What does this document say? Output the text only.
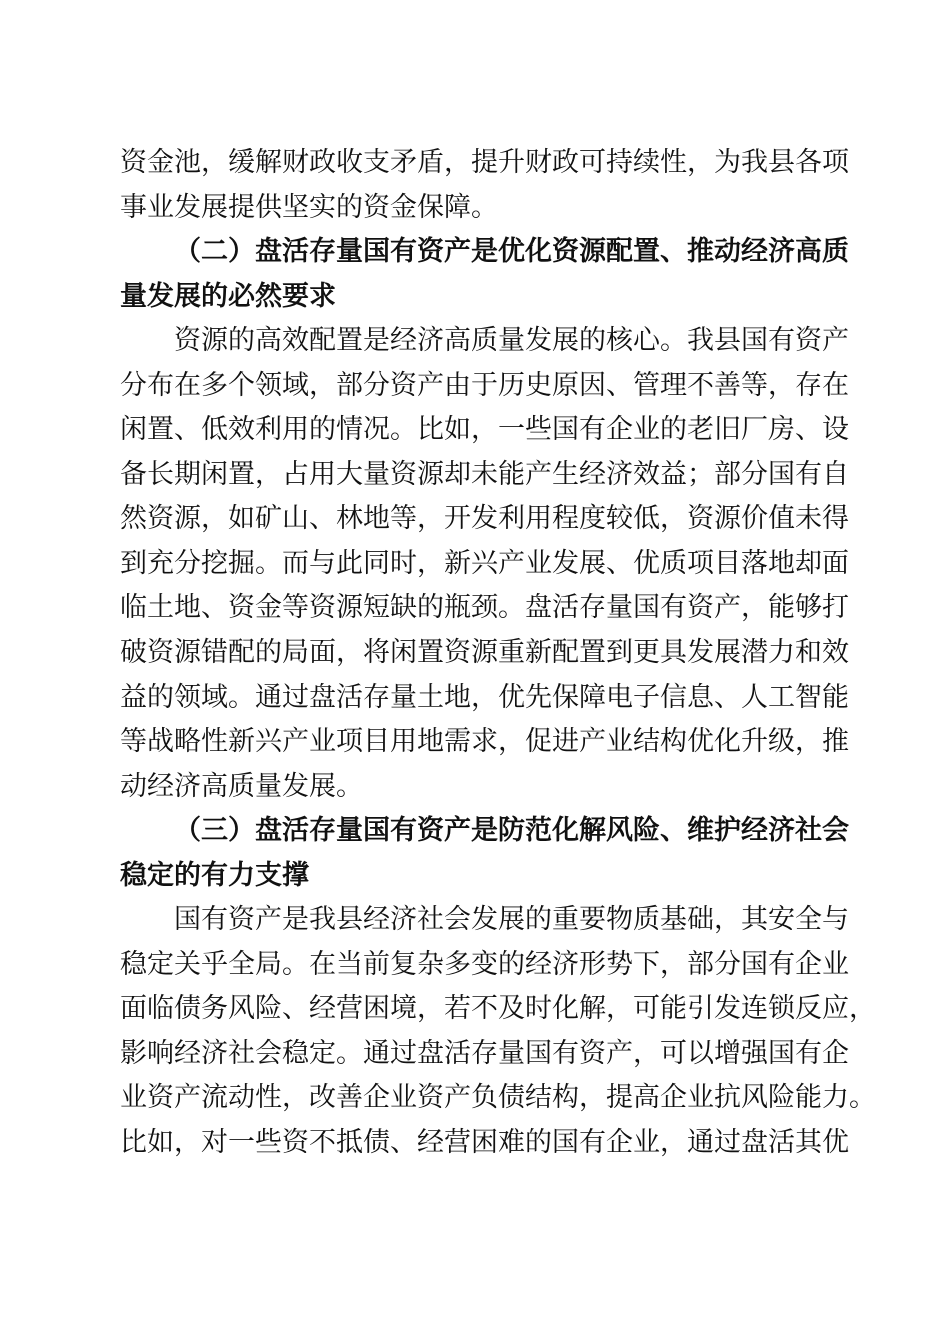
资金池，缓解财政收支矛盾，提升财政可持续性，为我县各项
事业发展提供坚实的资金保障。
（二）盘活存量国有资产是优化资源配置、推动经济高质
量发展的必然要求
资源的高效配置是经济高质量发展的核心。我县国有资产
分布在多个领域，部分资产由于历史原因、管理不善等，存在
闲置、低效利用的情况。比如，一些国有企业的老旧厂房、设
备长期闲置，占用大量资源却未能产生经济效益；部分国有自
然资源，如矿山、林地等，开发利用程度较低，资源价值未得
到充分挖掘。而与此同时，新兴产业发展、优质项目落地却面
临土地、资金等资源短缺的瓶颈。盘活存量国有资产，能够打
破资源错配的局面，将闲置资源重新配置到更具发展潜力和效
益的领域。通过盘活存量土地，优先保障电子信息、人工智能
等战略性新兴产业项目用地需求，促进产业结构优化升级，推
动经济高质量发展。
（三）盘活存量国有资产是防范化解风险、维护经济社会
稳定的有力支撑
国有资产是我县经济社会发展的重要物质基础，其安全与
稳定关乎全局。在当前复杂多变的经济形势下，部分国有企业
面临债务风险、经营困境，若不及时化解，可能引发连锁反应，
影响经济社会稳定。通过盘活存量国有资产，可以增强国有企
业资产流动性，改善企业资产负债结构，提高企业抗风险能力。
比如，对一些资不抵债、经营困难的国有企业，通过盘活其优
